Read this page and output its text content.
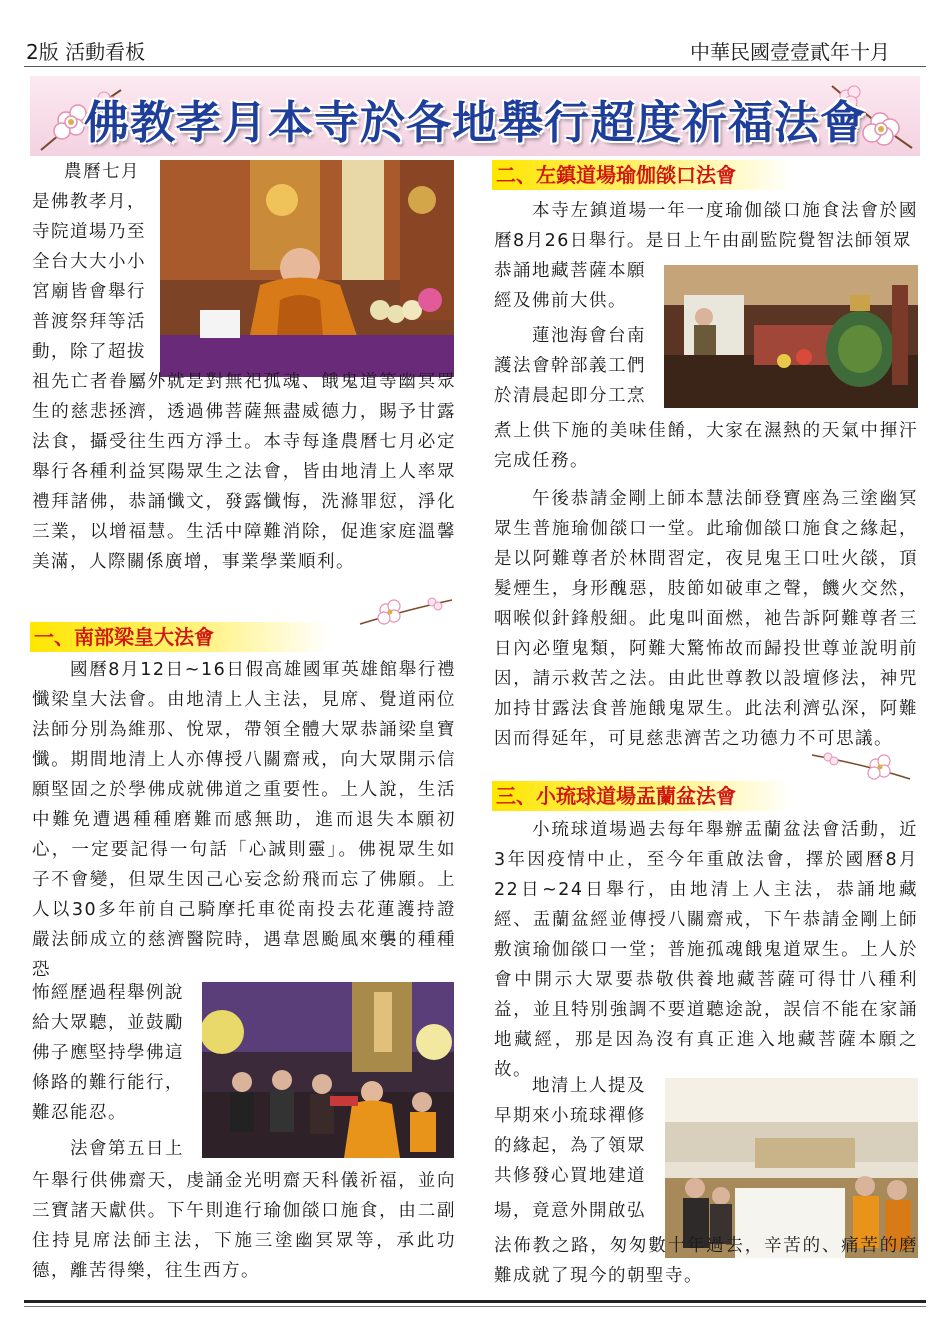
2版 活動看板	中華民國壹壹貳年十月
佛教孝月本寺於各地舉行超度祈福法會

農曆七月

是佛教孝月，

寺院道場乃至

全台大大小小

宮廟皆會舉行

普渡祭拜等活

動，除了超拔

祖先亡者眷屬外就是對無祀孤魂、餓鬼道等幽冥眾生的慈悲拯濟，透過佛菩薩無盡威德力，賜予甘露法食，攝受往生西方淨土。本寺每逢農曆七月必定舉行各種利益冥陽眾生之法會，皆由地清上人率眾禮拜諸佛，恭誦懺文，發露懺悔，洗滌罪愆，淨化三業，以增福慧。生活中障難消除，促進家庭溫馨美滿，人際關係廣增，事業學業順利。

一、南部梁皇大法會

國曆8月12日~16日假高雄國軍英雄館舉行禮懺梁皇大法會。由地清上人主法，見席、覺道兩位法師分別為維那、悅眾，帶領全體大眾恭誦梁皇寶懺。期間地清上人亦傳授八關齋戒，向大眾開示信願堅固之於學佛成就佛道之重要性。上人說，生活中難免遭遇種種磨難而感無助，進而退失本願初心，一定要記得一句話「心誠則靈」。佛視眾生如子不會變，但眾生因己心妄念紛飛而忘了佛願。上人以30多年前自己騎摩托車從南投去花蓮護持證嚴法師成立的慈濟醫院時，遇韋恩颱風來襲的種種恐

怖經歷過程舉例說

給大眾聽，並鼓勵

佛子應堅持學佛這

條路的難行能行，

難忍能忍。

法會第五日上

午舉行供佛齋天，虔誦金光明齋天科儀祈福，並向三寶諸天獻供。下午則進行瑜伽燄口施食，由二副住持見席法師主法，下施三塗幽冥眾等，承此功德，離苦得樂，往生西方。

二、左鎮道場瑜伽燄口法會

本寺左鎮道場一年一度瑜伽燄口施食法會於國曆8月26日舉行。是日上午由副監院覺智法師領眾

恭誦地藏菩薩本願

經及佛前大供。

蓮池海會台南

護法會幹部義工們

於清晨起即分工烹

煮上供下施的美味佳餚，大家在濕熱的天氣中揮汗完成任務。

午後恭請金剛上師本慧法師登寶座為三塗幽冥眾生普施瑜伽燄口一堂。此瑜伽燄口施食之緣起，是以阿難尊者於林間習定，夜見鬼王口吐火燄，頂髮煙生，身形醜惡，肢節如破車之聲，饑火交然，咽喉似針鋒般細。此鬼叫面燃，祂告訴阿難尊者三日內必墮鬼類，阿難大驚怖故而歸投世尊並說明前因，請示救苦之法。由此世尊教以設壇修法，神咒加持甘露法食普施餓鬼眾生。此法利濟弘深，阿難因而得延年，可見慈悲濟苦之功德力不可思議。

三、小琉球道場盂蘭盆法會

小琉球道場過去每年舉辦盂蘭盆法會活動，近3年因疫情中止，至今年重啟法會，擇於國曆8月22日~24日舉行，由地清上人主法，恭誦地藏經、盂蘭盆經並傳授八關齋戒，下午恭請金剛上師敷演瑜伽燄口一堂；普施孤魂餓鬼道眾生。上人於會中開示大眾要恭敬供養地藏菩薩可得廿八種利益，並且特別強調不要道聽途說，誤信不能在家誦地藏經，那是因為沒有真正進入地藏菩薩本願之故。

地清上人提及

早期來小琉球禪修

的緣起，為了領眾

共修發心買地建道

場，竟意外開啟弘

法佈教之路，匆匆數十年過去，辛苦的、痛苦的磨難成就了現今的朝聖寺。
